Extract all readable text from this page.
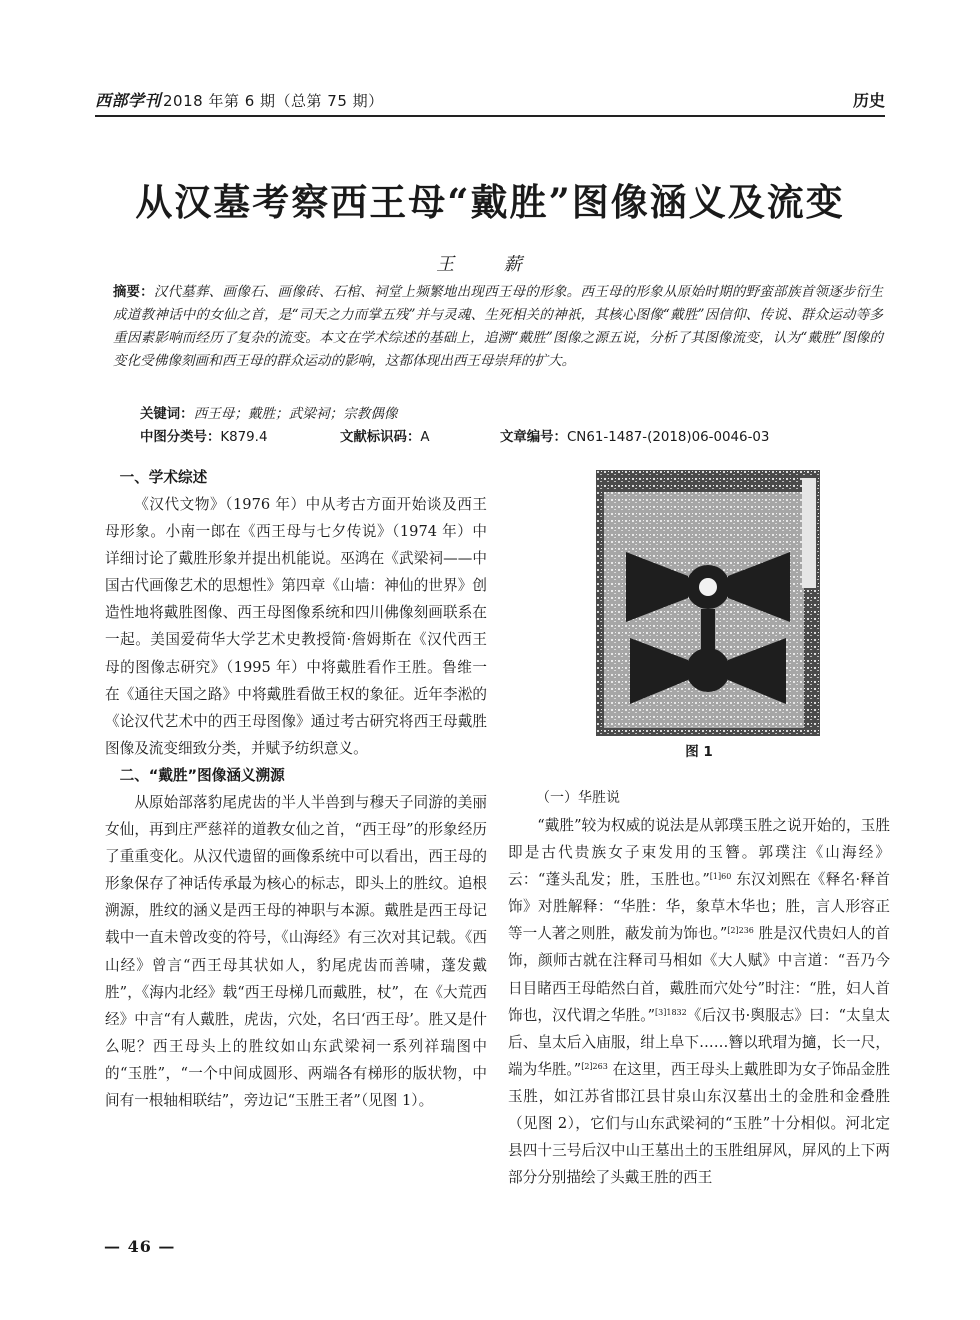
西部学刊 2018 年第 6 期（总第 75 期）	历史
从汉墓考察西王母“戴胜”图像涵义及流变
王 薪

摘要：汉代墓葬、画像石、画像砖、石棺、祠堂上频繁地出现西王母的形象。西王母的形象从原始时期的野蛮部族首领逐步衍生成道教神话中的女仙之首，是“司天之力而掌五残”并与灵魂、生死相关的神祇，其核心图像“戴胜”因信仰、传说、群众运动等多重因素影响而经历了复杂的流变。本文在学术综述的基础上，追溯“戴胜”图像之源五说，分析了其图像流变，认为“戴胜”图像的变化受佛像刻画和西王母的群众运动的影响，这都体现出西王母崇拜的扩大。

关键词：西王母；戴胜；武梁祠；宗教偶像
中图分类号：K879.4	文献标识码：A	文章编号：CN61-1487-(2018)06-0046-03
一、学术综述

《汉代文物》（1976 年）中从考古方面开始谈及西王母形象。小南一郎在《西王母与七夕传说》（1974 年）中详细讨论了戴胜形象并提出机能说。巫鸿在《武梁祠——中国古代画像艺术的思想性》第四章《山墙：神仙的世界》创造性地将戴胜图像、西王母图像系统和四川佛像刻画联系在一起。美国爱荷华大学艺术史教授简·詹姆斯在《汉代西王母的图像志研究》（1995 年）中将戴胜看作王胜。鲁维一在《通往天国之路》中将戴胜看做王权的象征。近年李淞的《论汉代艺术中的西王母图像》通过考古研究将西王母戴胜图像及流变细致分类，并赋予纺织意义。

二、“戴胜”图像涵义溯源

从原始部落豹尾虎齿的半人半兽到与穆天子同游的美丽女仙，再到庄严慈祥的道教女仙之首，“西王母”的形象经历了重重变化。从汉代遗留的画像系统中可以看出，西王母的形象保存了神话传承最为核心的标志，即头上的胜纹。追根溯源，胜纹的涵义是西王母的神职与本源。戴胜是西王母记载中一直未曾改变的符号，《山海经》有三次对其记载。《西山经》曾言“西王母其状如人，豹尾虎齿而善啸，蓬发戴胜”，《海内北经》载“西王母梯几而戴胜，杖”，在《大荒西经》中言“有人戴胜，虎齿，穴处，名曰‘西王母’。胜又是什么呢？西王母头上的胜纹如山东武梁祠一系列祥瑞图中的“玉胜”，“一个中间成圆形、两端各有梯形的版状物，中间有一根轴相联结”，旁边记“玉胜王者”（见图 1）。

图 1
（一）华胜说

“戴胜”较为权威的说法是从郭璞玉胜之说开始的，玉胜即是古代贵族女子束发用的玉簪。郭璞注《山海经》云：“蓬头乱发；胜，玉胜也。”$^{[1]60}$ 东汉刘熙在《释名·释首饰》对胜解释：“华胜：华，象草木华也；胜，言人形容正等一人著之则胜，蔽发前为饰也。”$^{[2]236}$ 胜是汉代贵妇人的首饰，颜师古就在注释司马相如《大人赋》中言道：“吾乃今日目睹西王母皓然白首，戴胜而穴处兮”时注：“胜，妇人首饰也，汉代谓之华胜。”$^{[3]1832}$《后汉书·舆服志》曰：“太皇太后、皇太后入庙服，绀上阜下……簪以玳瑁为擿，长一尺，端为华胜。”$^{[2]263}$ 在这里，西王母头上戴胜即为女子饰品金胜玉胜，如江苏省邯江县甘泉山东汉墓出土的金胜和金叠胜（见图 2），它们与山东武梁祠的“玉胜”十分相似。河北定县四十三号后汉中山王墓出土的玉胜组屏风，屏风的上下两部分分别描绘了头戴王胜的西王

— 46 —
